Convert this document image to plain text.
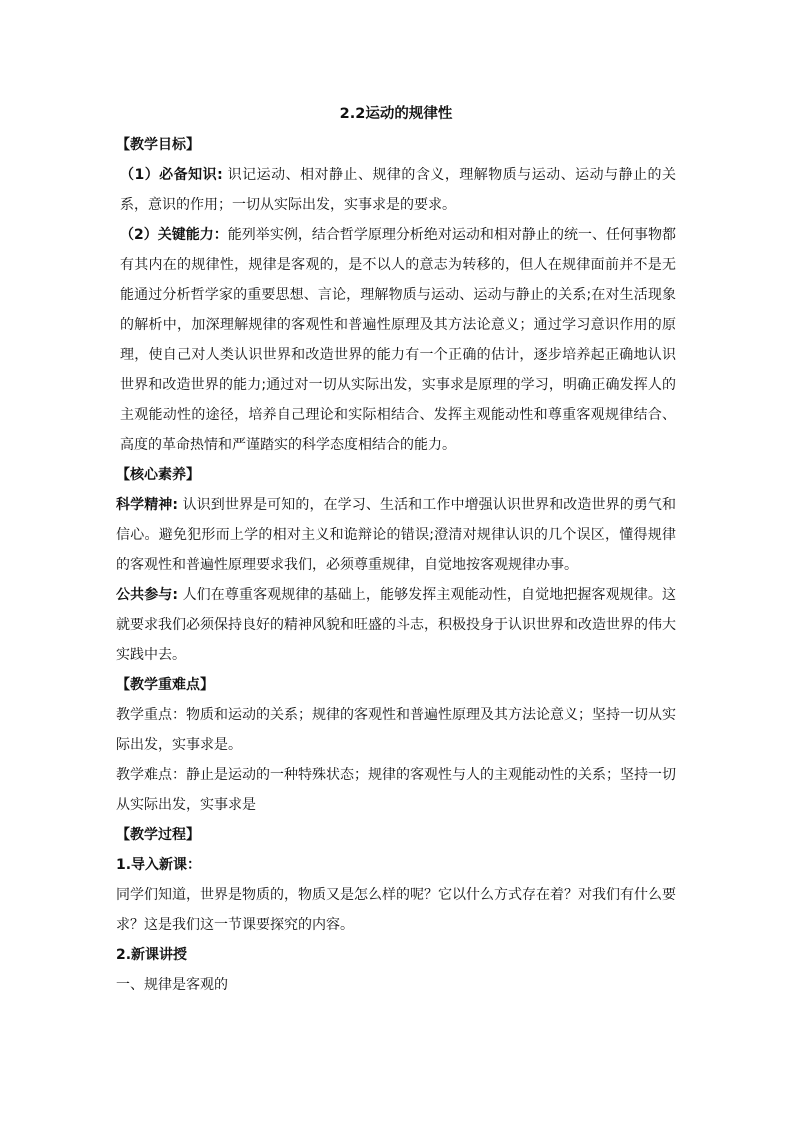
2.2运动的规律性
【教学目标】
（1）必备知识: 识记运动、相对静止、规律的含义，理解物质与运动、运动与静止的关系，意识的作用；一切从实际出发，实事求是的要求。
（2）关键能力：能列举实例，结合哲学原理分析绝对运动和相对静止的统一、任何事物都有其内在的规律性，规律是客观的，是不以人的意志为转移的，但人在规律面前并不是无能通过分析哲学家的重要思想、言论，理解物质与运动、运动与静止的关系;在对生活现象的解析中，加深理解规律的客观性和普遍性原理及其方法论意义；通过学习意识作用的原理，使自己对人类认识世界和改造世界的能力有一个正确的估计，逐步培养起正确地认识世界和改造世界的能力;通过对一切从实际出发，实事求是原理的学习，明确正确发挥人的主观能动性的途径，培养自己理论和实际相结合、发挥主观能动性和尊重客观规律结合、高度的革命热情和严谨踏实的科学态度相结合的能力。
【核心素养】
科学精神: 认识到世界是可知的，在学习、生活和工作中增强认识世界和改造世界的勇气和信心。避免犯形而上学的相对主义和诡辩论的错误;澄清对规律认识的几个误区，懂得规律的客观性和普遍性原理要求我们，必须尊重规律，自觉地按客观规律办事。
公共参与: 人们在尊重客观规律的基础上，能够发挥主观能动性，自觉地把握客观规律。这就要求我们必须保持良好的精神风貌和旺盛的斗志，积极投身于认识世界和改造世界的伟大实践中去。
【教学重难点】
教学重点：物质和运动的关系；规律的客观性和普遍性原理及其方法论意义；坚持一切从实际出发，实事求是。
教学难点：静止是运动的一种特殊状态；规律的客观性与人的主观能动性的关系；坚持一切从实际出发，实事求是
【教学过程】
1.导入新课：
同学们知道，世界是物质的，物质又是怎么样的呢？它以什么方式存在着？对我们有什么要求？这是我们这一节课要探究的内容。
2.新课讲授
一、规律是客观的
